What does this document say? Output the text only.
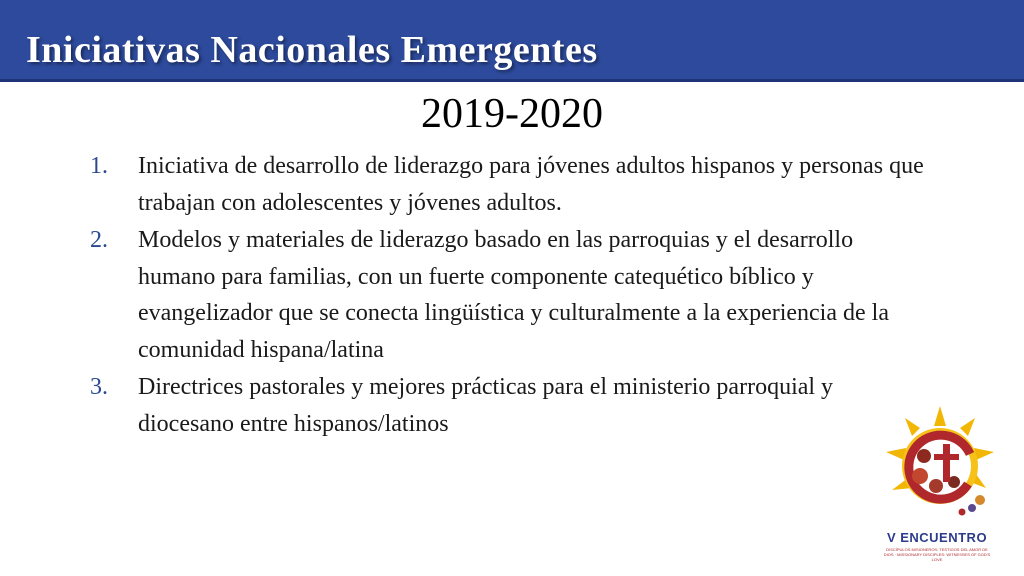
Iniciativas Nacionales Emergentes
2019-2020
1.	Iniciativa de desarrollo de liderazgo para jóvenes adultos hispanos y personas que trabajan con adolescentes y jóvenes adultos.
2.	Modelos y materiales de liderazgo basado en las parroquias y el desarrollo humano para familias, con un fuerte componente catequético bíblico y evangelizador que se conecta lingüística y culturalmente a la experiencia de la comunidad hispana/latina
3.	Directrices pastorales y mejores prácticas para el ministerio parroquial y diocesano entre hispanos/latinos
V ENCUENTRO
DISCÍPULOS MISIONEROS: TESTIGOS DEL AMOR DE DIOS · MISSIONARY DISCIPLES: WITNESSES OF GOD'S LOVE
